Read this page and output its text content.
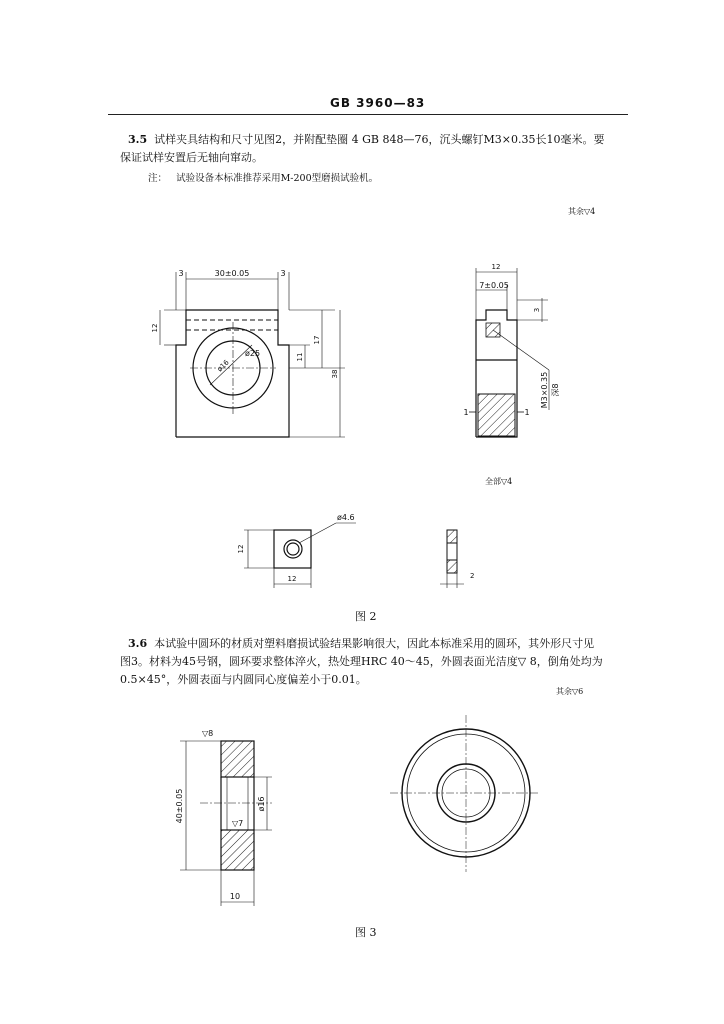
GB 3960—83
3.5 试样夹具结构和尺寸见图2，并附配垫圈 4 GB 848—76，沉头螺钉M3×0.35长10毫米。要
保证试样安置后无轴向窜动。
注： 试验设备本标准推荐采用M-200型磨损试验机。
3.6 本试验中圆环的材质对塑料磨损试验结果影响很大，因此本标准采用的圆环，其外形尺寸见
图3。材料为45号钢，圆环要求整体淬火，热处理HRC 40～45，外圆表面光洁度▽ 8，倒角处均为
0.5×45°，外圆表面与内圆同心度偏差小于0.01。
30±0.05
3	3
12
17
11
38
ø25
ø16
12
7±0.05
3
M3×0.35 深8
1	1
ø4.6
12
12	2
▽8
▽7
40±0.05	ø16
10
其余▽4
全部▽4
图 2
其余▽6
图 3
